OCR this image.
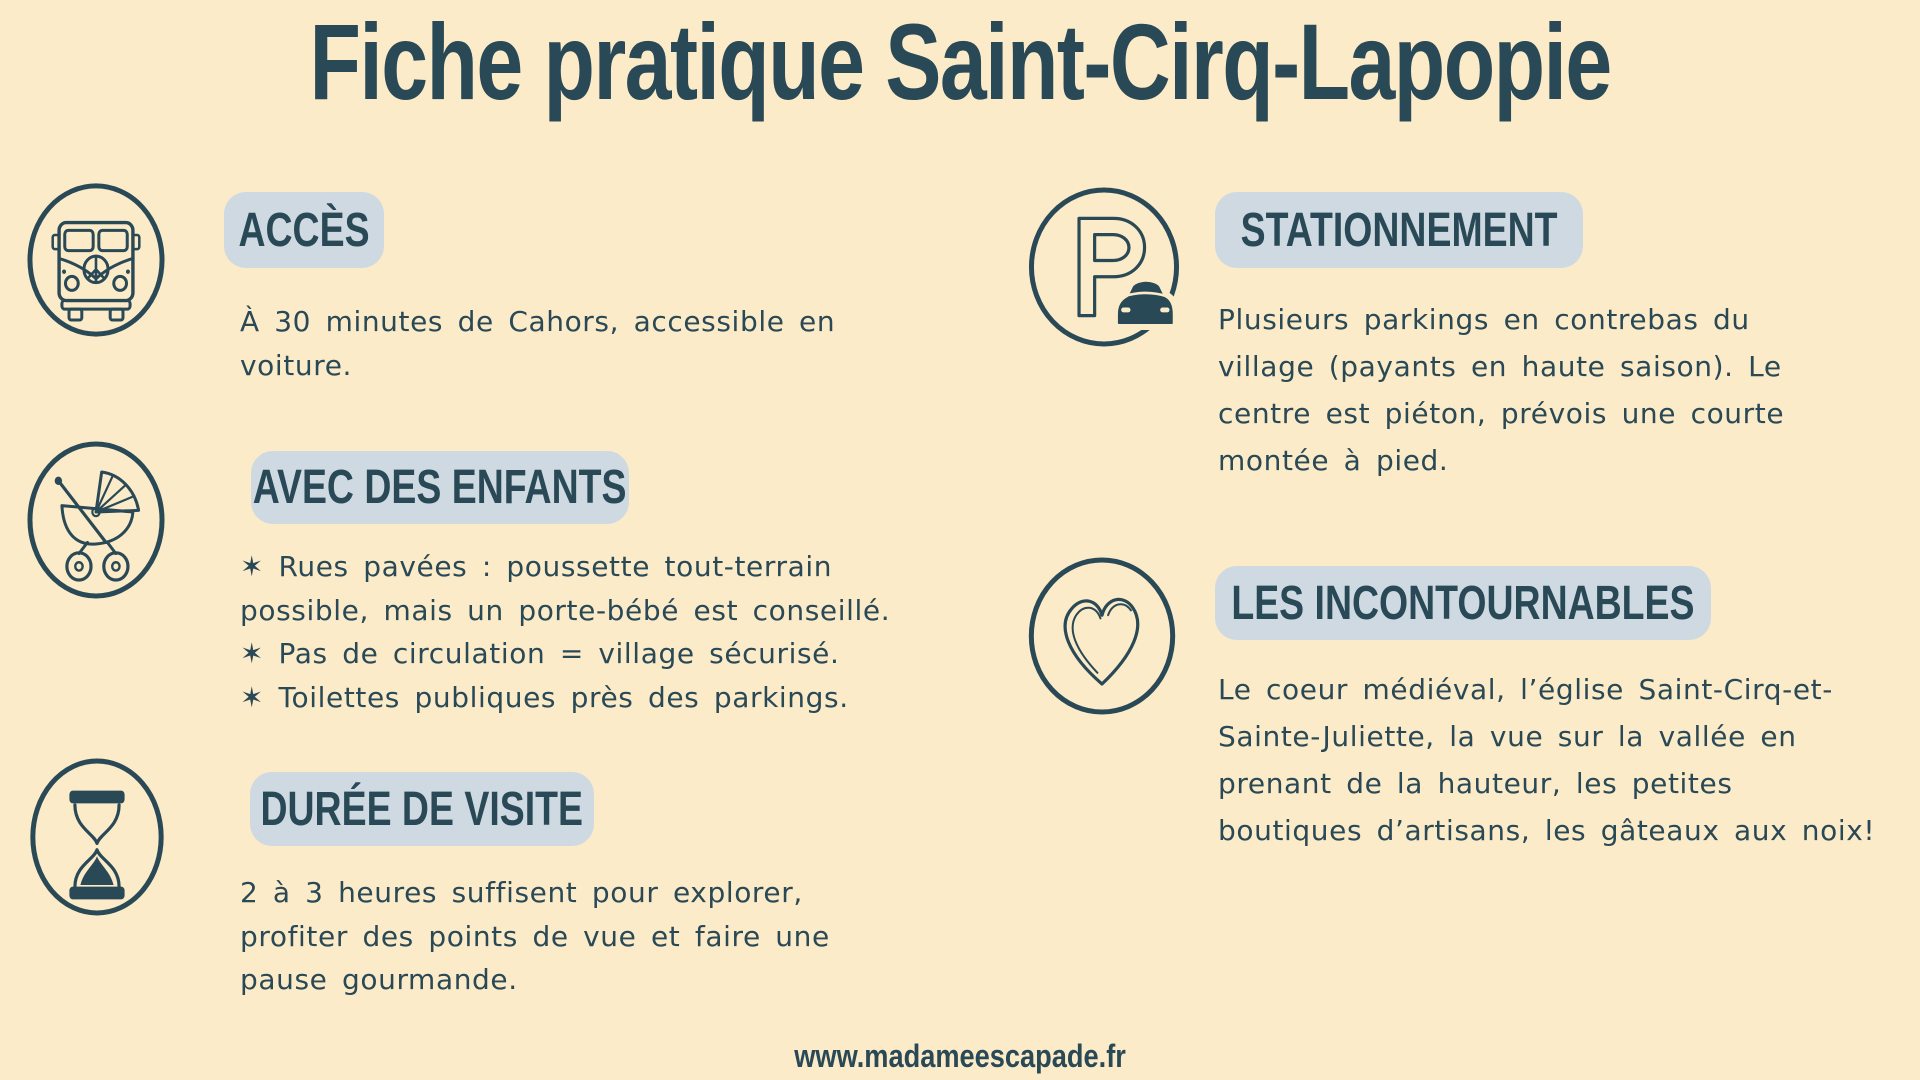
Fiche pratique Saint-Cirq-Lapopie
ACCÈS
À 30 minutes de Cahors, accessible en
voiture.
AVEC DES ENFANTS
✶ Rues pavées : poussette tout-terrain
possible, mais un porte-bébé est conseillé.
✶ Pas de circulation = village sécurisé.
✶ Toilettes publiques près des parkings.
DURÉE DE VISITE
2 à 3 heures suffisent pour explorer,
profiter des points de vue et faire une
pause gourmande.
STATIONNEMENT
Plusieurs parkings en contrebas du
village (payants en haute saison). Le
centre est piéton, prévois une courte
montée à pied.
LES INCONTOURNABLES
Le coeur médiéval, l’église Saint-Cirq-et-
Sainte-Juliette, la vue sur la vallée en
prenant de la hauteur, les petites
boutiques d’artisans, les gâteaux aux noix!
www.madameescapade.fr
